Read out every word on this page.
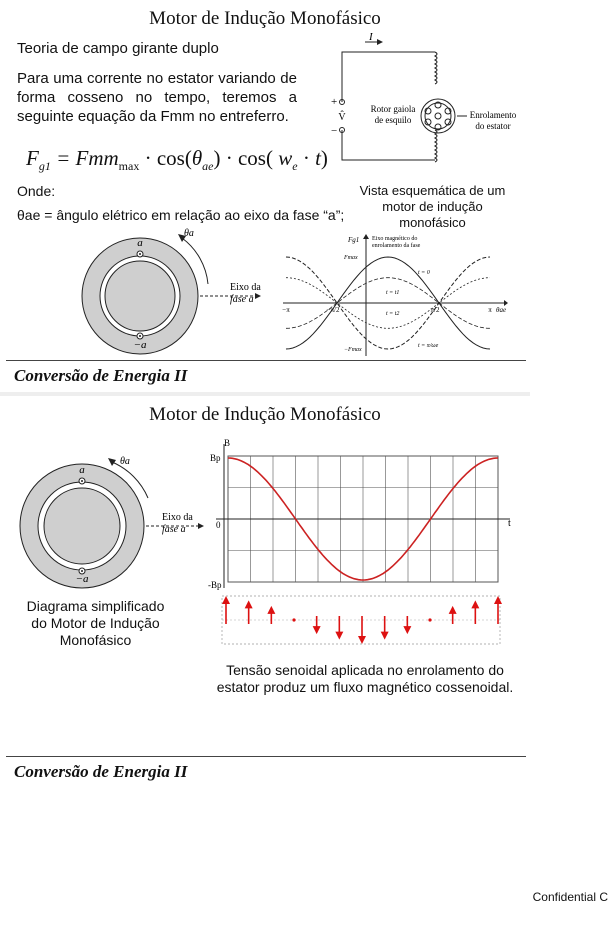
Motor de Indução Monofásico
Teoria de campo girante duplo
Para uma corrente no estator variando de
forma cosseno no tempo, teremos a
seguinte equação da Fmm no entreferro.
$F_{g1} = Fmm_{max} \cdot \cos(\theta_{ae}) \cdot \cos$( $w_e \cdot t$)
Onde:
θae = ângulo elétrico em relação ao eixo da fase “a”;
I
+
−
V̂
Rotor gaiola
de esquilo	Enrolamento
do estator
Vista esquemática de um
motor de indução
monofásico
a
−a
θa
Eixo da
fase a
Fg1 Eixo magnético do
enrolamento da fase
Fmax
−Fmax
t = 0
t = t1
t = t2
t = π/ωe
θae
−π	−π/2	π/2	π
Conversão de Energia II
Motor de Indução Monofásico
a
−a
θa
Eixo da
fase a
Diagrama simplificado
do Motor de Indução
Monofásico
B
t
Bp
0
-Bp
Tensão senoidal aplicada no enrolamento do
estator produz um fluxo magnético cossenoidal.
Conversão de Energia II
Confidential C
